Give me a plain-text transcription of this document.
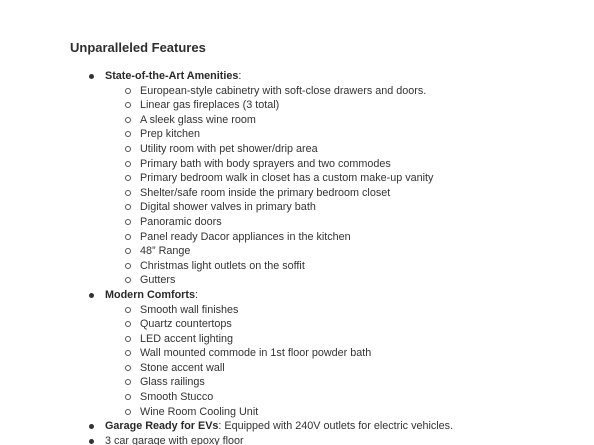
Unparalleled Features
State-of-the-Art Amenities:
European-style cabinetry with soft-close drawers and doors.
Linear gas fireplaces (3 total)
A sleek glass wine room
Prep kitchen
Utility room with pet shower/drip area
Primary bath with body sprayers and two commodes
Primary bedroom walk in closet has a custom make-up vanity
Shelter/safe room inside the primary bedroom closet
Digital shower valves in primary bath
Panoramic doors
Panel ready Dacor appliances in the kitchen
48” Range
Christmas light outlets on the soffit
Gutters
Modern Comforts:
Smooth wall finishes
Quartz countertops
LED accent lighting
Wall mounted commode in 1st floor powder bath
Stone accent wall
Glass railings
Smooth Stucco
Wine Room Cooling Unit
Garage Ready for EVs: Equipped with 240V outlets for electric vehicles.
3 car garage with epoxy floor
